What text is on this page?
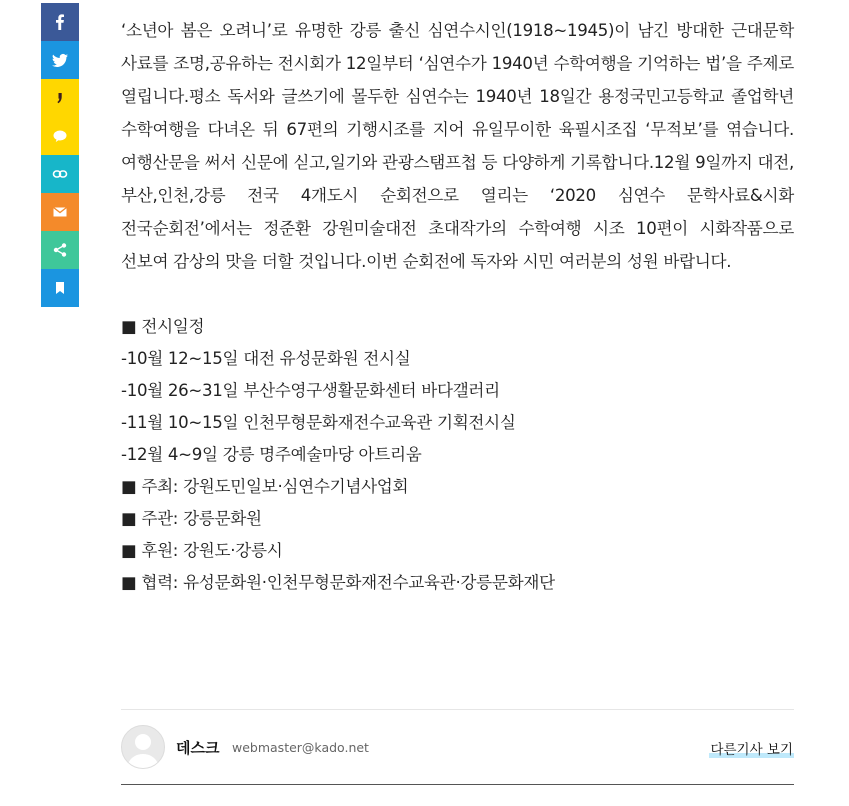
‘소년아 봄은 오려니’로 유명한 강릉 출신 심연수시인(1918~1945)이 남긴 방대한 근대문학 사료를 조명,공유하는 전시회가 12일부터 ‘심연수가 1940년 수학여행을 기억하는 법’을 주제로 열립니다.평소 독서와 글쓰기에 몰두한 심연수는 1940년 18일간 용정국민고등학교 졸업학년 수학여행을 다녀온 뒤 67편의 기행시조를 지어 유일무이한 육필시조집 ‘무적보’를 엮습니다.여행산문을 써서 신문에 싣고,일기와 관광스탬프첩 등 다양하게 기록합니다.12월 9일까지 대전,부산,인천,강릉 전국 4개도시 순회전으로 열리는 ‘2020 심연수 문학사료&시화 전국순회전’에서는 정준환 강원미술대전 초대작가의 수학여행 시조 10편이 시화작품으로 선보여 감상의 맛을 더할 것입니다.이번 순회전에 독자와 시민 여러분의 성원 바랍니다.

■ 전시일정
-10월 12~15일 대전 유성문화원 전시실
-10월 26~31일 부산수영구생활문화센터 바다갤러리
-11월 10~15일 인천무형문화재전수교육관 기획전시실
-12월 4~9일 강릉 명주예술마당 아트리움
■ 주최: 강원도민일보·심연수기념사업회
■ 주관: 강릉문화원
■ 후원: 강원도·강릉시
■ 협력: 유성문화원·인천무형문화재전수교육관·강릉문화재단
데스크 webmaster@kado.net	다른기사 보기
